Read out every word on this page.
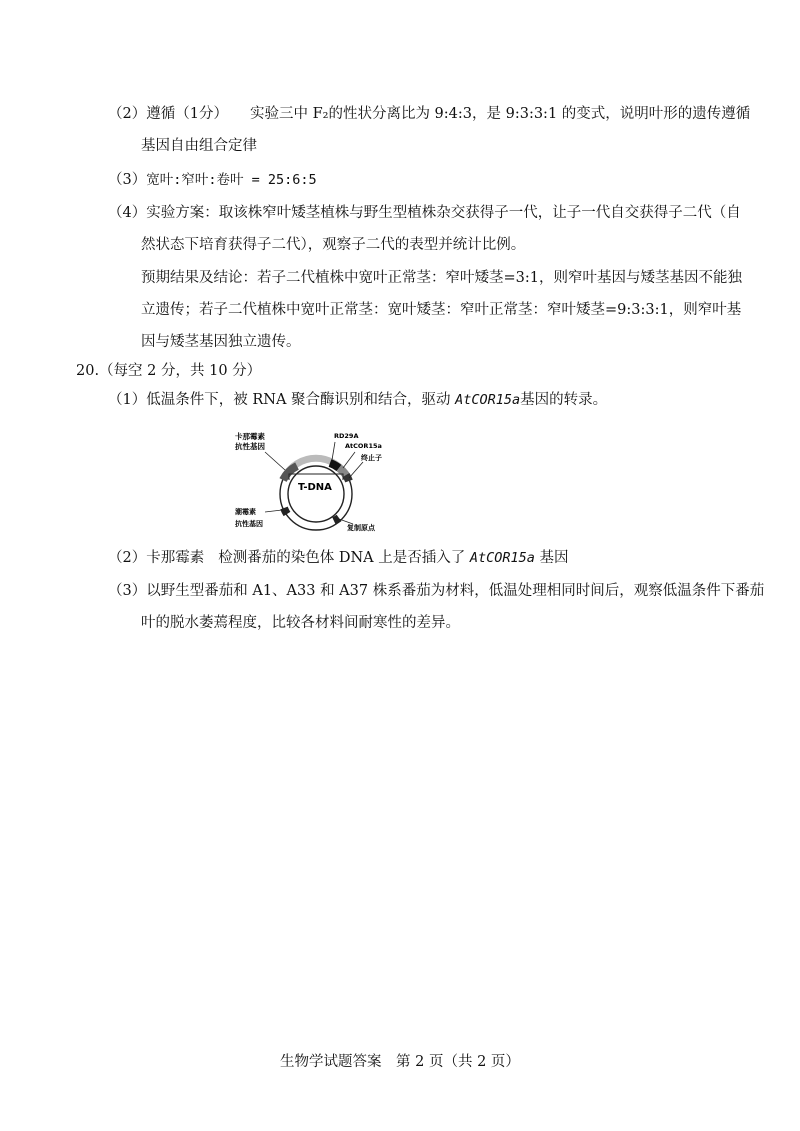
（2）遵循（1分） 实验三中 F₂的性状分离比为 9:4:3，是 9:3:3:1 的变式，说明叶形的遗传遵循
基因自由组合定律
（3）宽叶:窄叶:卷叶 = 25:6:5
（4）实验方案：取该株窄叶矮茎植株与野生型植株杂交获得子一代，让子一代自交获得子二代（自
然状态下培育获得子二代），观察子二代的表型并统计比例。
预期结果及结论：若子二代植株中宽叶正常茎：窄叶矮茎=3:1，则窄叶基因与矮茎基因不能独
立遗传；若子二代植株中宽叶正常茎：宽叶矮茎：窄叶正常茎：窄叶矮茎=9:3:3:1，则窄叶基
因与矮茎基因独立遗传。
20.（每空 2 分，共 10 分）
（1）低温条件下，被 RNA 聚合酶识别和结合，驱动 AtCOR15a基因的转录。
卡那霉素
抗性基因
RD29A
AtCOR15a
终止子
T-DNA
潮霉素
抗性基因	复制原点
（2）卡那霉素 检测番茄的染色体 DNA 上是否插入了 AtCOR15a 基因
（3）以野生型番茄和 A1、A33 和 A37 株系番茄为材料，低温处理相同时间后，观察低温条件下番茄
叶的脱水萎蔫程度，比较各材料间耐寒性的差异。
生物学试题答案　第 2 页（共 2 页）
